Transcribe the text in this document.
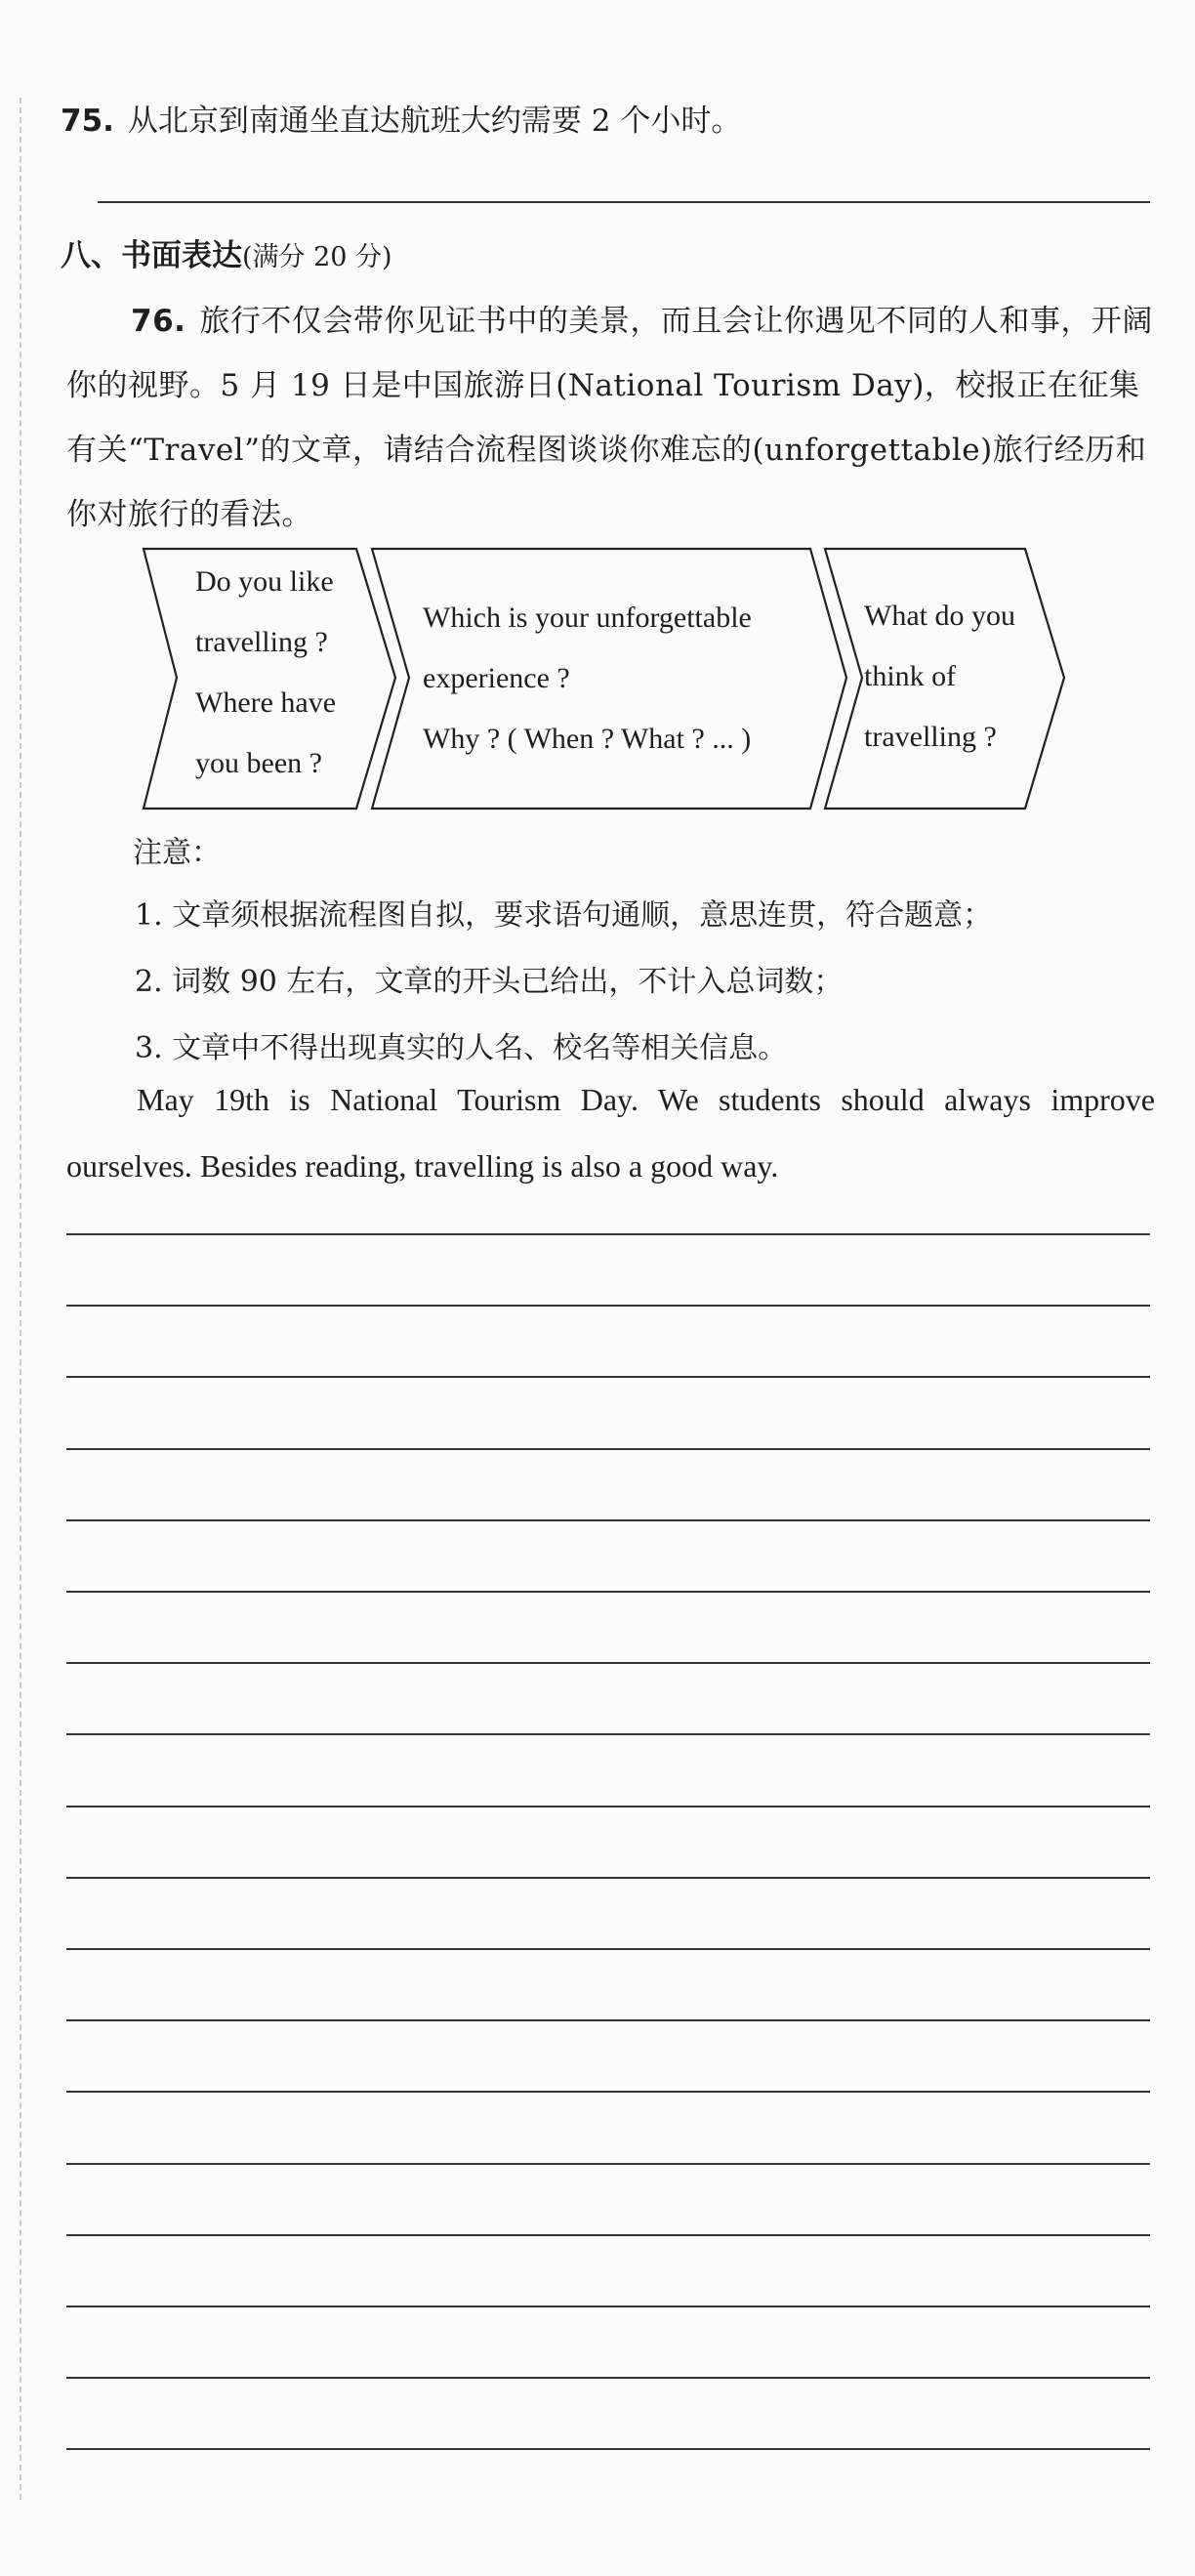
75. 从北京到南通坐直达航班大约需要 2 个小时。
八、书面表达(满分 20 分)

76. 旅行不仅会带你见证书中的美景，而且会让你遇见不同的人和事，开阔你的视野。5 月 19 日是中国旅游日(National Tourism Day)，校报正在征集有关“Travel”的文章，请结合流程图谈谈你难忘的(unforgettable)旅行经历和你对旅行的看法。

Do you like
travelling ?
Where have
you been ?
Which is your unforgettable
experience ?
Why ? ( When ? What ? ... )
What do you
think of
travelling ?
注意：
1. 文章须根据流程图自拟，要求语句通顺，意思连贯，符合题意；
2. 词数 90 左右，文章的开头已给出，不计入总词数；
3. 文章中不得出现真实的人名、校名等相关信息。

May 19th is National Tourism Day. We students should always improve ourselves. Besides reading, travelling is also a good way.
